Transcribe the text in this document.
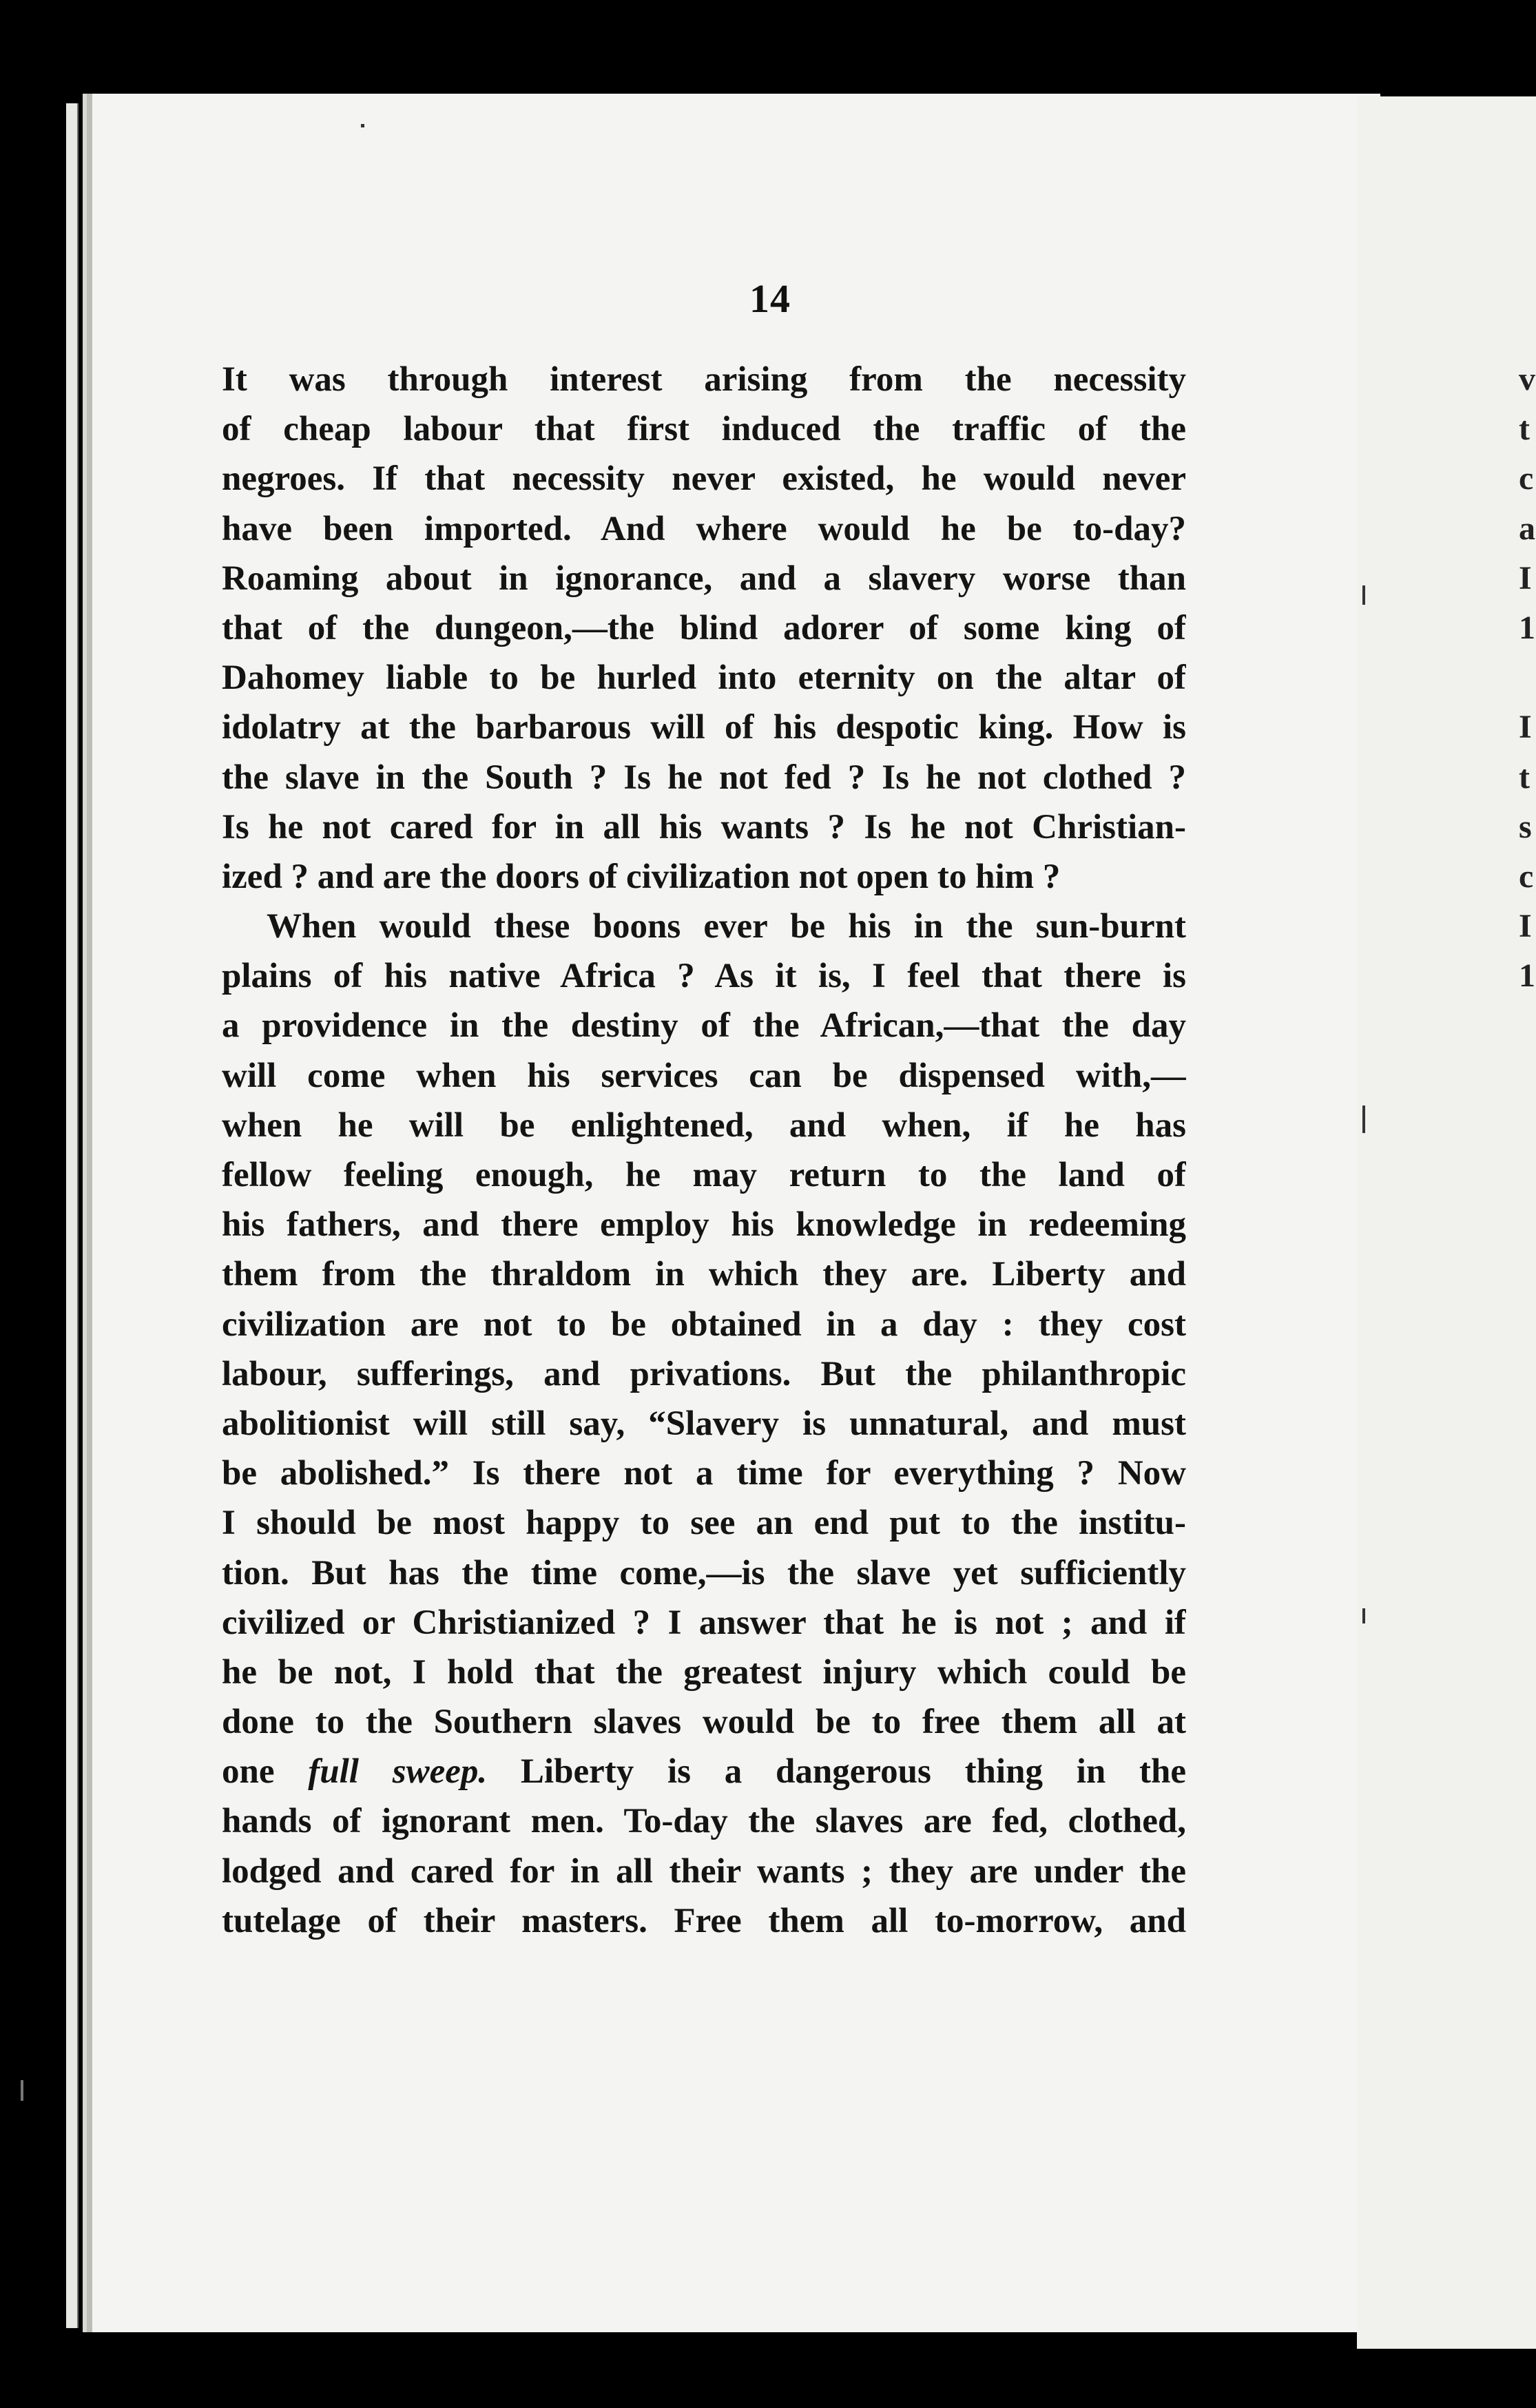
14
It was through interest arising from the necessity
of cheap labour that first induced the traffic of the
negroes. If that necessity never existed, he would never
have been imported. And where would he be to-day?
Roaming about in ignorance, and a slavery worse than
that of the dungeon,—the blind adorer of some king of
Dahomey liable to be hurled into eternity on the altar of
idolatry at the barbarous will of his despotic king. How is
the slave in the South ? Is he not fed ? Is he not clothed ?
Is he not cared for in all his wants ? Is he not Christian-
ized ? and are the doors of civilization not open to him ?
When would these boons ever be his in the sun-burnt
plains of his native Africa ? As it is, I feel that there is
a providence in the destiny of the African,—that the day
will come when his services can be dispensed with,—
when he will be enlightened, and when, if he has
fellow feeling enough, he may return to the land of
his fathers, and there employ his knowledge in redeeming
them from the thraldom in which they are. Liberty and
civilization are not to be obtained in a day : they cost
labour, sufferings, and privations. But the philanthropic
abolitionist will still say, “Slavery is unnatural, and must
be abolished.” Is there not a time for everything ? Now
I should be most happy to see an end put to the institu-
tion. But has the time come,—is the slave yet sufficiently
civilized or Christianized ? I answer that he is not ; and if
he be not, I hold that the greatest injury which could be
done to the Southern slaves would be to free them all at
one full sweep. Liberty is a dangerous thing in the
hands of ignorant men. To-day the slaves are fed, clothed,
lodged and cared for in all their wants ; they are under the
tutelage of their masters. Free them all to-morrow, and
v
t
c
a
I
1
I
t
s
c
I
1
